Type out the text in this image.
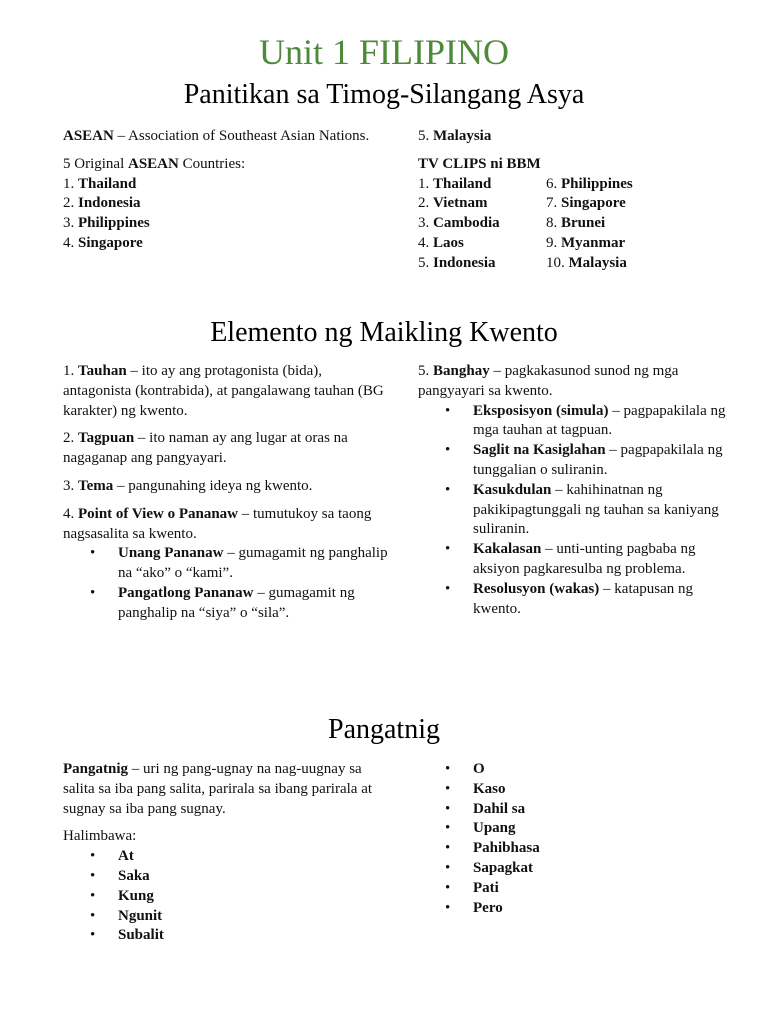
Unit 1 FILIPINO
Panitikan sa Timog-Silangang Asya

ASEAN – Association of Southeast Asian Nations.

5 Original ASEAN Countries:
1. Thailand
2. Indonesia
3. Philippines
4. Singapore

5. Malaysia

TV CLIPS ni BBM
1. Thailand	6. Philippines
2. Vietnam	7. Singapore
3. Cambodia	8. Brunei
4. Laos	9. Myanmar
5. Indonesia	10. Malaysia
Elemento ng Maikling Kwento

1. Tauhan – ito ay ang protagonista (bida), antagonista (kontrabida), at pangalawang tauhan (BG karakter) ng kwento.

2. Tagpuan – ito naman ay ang lugar at oras na nagaganap ang pangyayari.

3. Tema – pangunahing ideya ng kwento.

4. Point of View o Pananaw – tumutukoy sa taong nagsasalita sa kwento.
• Unang Pananaw – gumagamit ng panghalip na “ako” o “kami”.
• Pangatlong Pananaw – gumagamit ng panghalip na “siya” o “sila”.
5. Banghay – pagkakasunod sunod ng mga pangyayari sa kwento.
• Eksposisyon (simula) – pagpapakilala ng mga tauhan at tagpuan.
• Saglit na Kasiglahan – pagpapakilala ng tunggalian o suliranin.
• Kasukdulan – kahihinatnan ng pakikipagtunggali ng tauhan sa kaniyang suliranin.
• Kakalasan – unti-unting pagbaba ng aksiyon pagkaresulba ng problema.
• Resolusyon (wakas) – katapusan ng kwento.
Pangatnig

Pangatnig – uri ng pang-ugnay na nag-uugnay sa salita sa iba pang salita, parirala sa ibang parirala at sugnay sa iba pang sugnay.

Halimbawa:
• At
• Saka
• Kung
• Ngunit
• Subalit
• O
• Kaso
• Dahil sa
• Upang
• Pahibhasa
• Sapagkat
• Pati
• Pero
